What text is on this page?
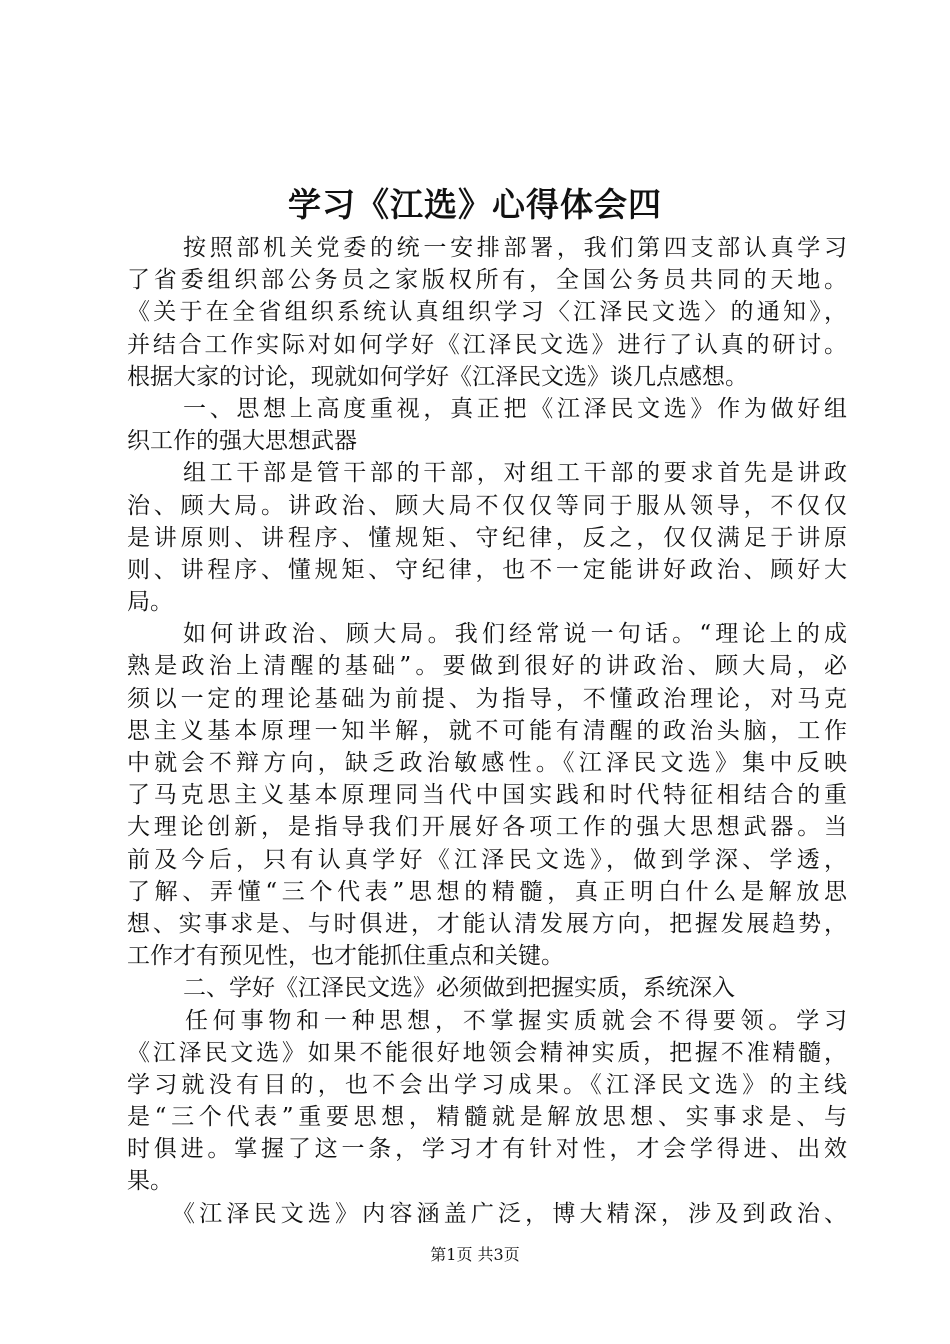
学习《江选》心得体会四
按照部机关党委的统一安排部署，我们第四支部认真学习
了省委组织部公务员之家版权所有，全国公务员共同的天地。
《关于在全省组织系统认真组织学习〈江泽民文选〉的通知》，
并结合工作实际对如何学好《江泽民文选》进行了认真的研讨。
根据大家的讨论，现就如何学好《江泽民文选》谈几点感想。
一、思想上高度重视，真正把《江泽民文选》作为做好组
织工作的强大思想武器
组工干部是管干部的干部，对组工干部的要求首先是讲政
治、顾大局。讲政治、顾大局不仅仅等同于服从领导，不仅仅
是讲原则、讲程序、懂规矩、守纪律，反之，仅仅满足于讲原
则、讲程序、懂规矩、守纪律，也不一定能讲好政治、顾好大
局。
如何讲政治、顾大局。我们经常说一句话。“理论上的成
熟是政治上清醒的基础”。要做到很好的讲政治、顾大局，必
须以一定的理论基础为前提、为指导，不懂政治理论，对马克
思主义基本原理一知半解，就不可能有清醒的政治头脑，工作
中就会不辩方向，缺乏政治敏感性。《江泽民文选》集中反映
了马克思主义基本原理同当代中国实践和时代特征相结合的重
大理论创新，是指导我们开展好各项工作的强大思想武器。当
前及今后，只有认真学好《江泽民文选》，做到学深、学透，
了解、弄懂“三个代表”思想的精髓，真正明白什么是解放思
想、实事求是、与时俱进，才能认清发展方向，把握发展趋势，
工作才有预见性，也才能抓住重点和关键。
二、学好《江泽民文选》必须做到把握实质，系统深入
任何事物和一种思想，不掌握实质就会不得要领。学习
《江泽民文选》如果不能很好地领会精神实质，把握不准精髓，
学习就没有目的，也不会出学习成果。《江泽民文选》的主线
是“三个代表”重要思想，精髓就是解放思想、实事求是、与
时俱进。掌握了这一条，学习才有针对性，才会学得进、出效
果。
《江泽民文选》内容涵盖广泛，博大精深，涉及到政治、
第1页 共3页
